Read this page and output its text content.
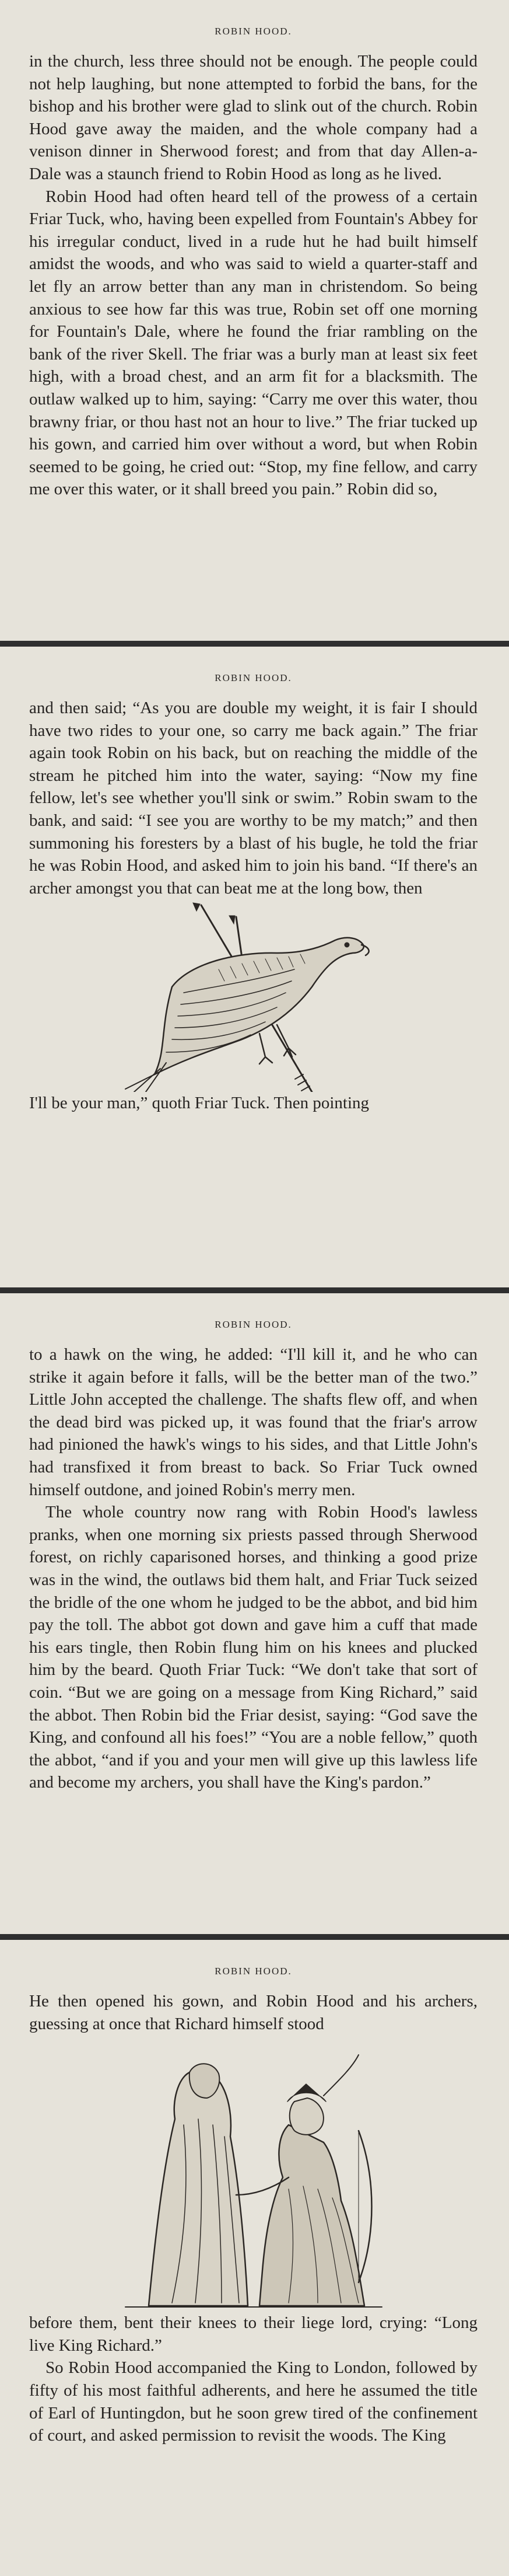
ROBIN HOOD.

in the church, less three should not be enough. The people could not help laughing, but none attempted to forbid the bans, for the bishop and his brother were glad to slink out of the church. Robin Hood gave away the maiden, and the whole company had a venison dinner in Sherwood forest; and from that day Allen-a-Dale was a staunch friend to Robin Hood as long as he lived.

Robin Hood had often heard tell of the prowess of a certain Friar Tuck, who, having been expelled from Fountain's Abbey for his irregular conduct, lived in a rude hut he had built himself amidst the woods, and who was said to wield a quarter-staff and let fly an arrow better than any man in christendom. So being anxious to see how far this was true, Robin set off one morning for Fountain's Dale, where he found the friar rambling on the bank of the river Skell. The friar was a burly man at least six feet high, with a broad chest, and an arm fit for a blacksmith. The outlaw walked up to him, saying: “Carry me over this water, thou brawny friar, or thou hast not an hour to live.” The friar tucked up his gown, and carried him over without a word, but when Robin seemed to be going, he cried out: “Stop, my fine fellow, and carry me over this water, or it shall breed you pain.” Robin did so,

ROBIN HOOD.

and then said; “As you are double my weight, it is fair I should have two rides to your one, so carry me back again.” The friar again took Robin on his back, but on reaching the middle of the stream he pitched him into the water, saying: “Now my fine fellow, let's see whether you'll sink or swim.” Robin swam to the bank, and said: “I see you are worthy to be my match;” and then summoning his foresters by a blast of his bugle, he told the friar he was Robin Hood, and asked him to join his band. “If there's an archer amongst you that can beat me at the long bow, then

I'll be your man,” quoth Friar Tuck. Then pointing

ROBIN HOOD.

to a hawk on the wing, he added: “I'll kill it, and he who can strike it again before it falls, will be the better man of the two.” Little John accepted the challenge. The shafts flew off, and when the dead bird was picked up, it was found that the friar's arrow had pinioned the hawk's wings to his sides, and that Little John's had transfixed it from breast to back. So Friar Tuck owned himself outdone, and joined Robin's merry men.

The whole country now rang with Robin Hood's lawless pranks, when one morning six priests passed through Sherwood forest, on richly caparisoned horses, and thinking a good prize was in the wind, the outlaws bid them halt, and Friar Tuck seized the bridle of the one whom he judged to be the abbot, and bid him pay the toll. The abbot got down and gave him a cuff that made his ears tingle, then Robin flung him on his knees and plucked him by the beard. Quoth Friar Tuck: “We don't take that sort of coin. “But we are going on a message from King Richard,” said the abbot. Then Robin bid the Friar desist, saying: “God save the King, and confound all his foes!” “You are a noble fellow,” quoth the abbot, “and if you and your men will give up this lawless life and become my archers, you shall have the King's pardon.”

ROBIN HOOD.

He then opened his gown, and Robin Hood and his archers, guessing at once that Richard himself stood

before them, bent their knees to their liege lord, crying: “Long live King Richard.”

So Robin Hood accompanied the King to London, followed by fifty of his most faithful adherents, and here he assumed the title of Earl of Huntingdon, but he soon grew tired of the confinement of court, and asked permission to revisit the woods. The King
